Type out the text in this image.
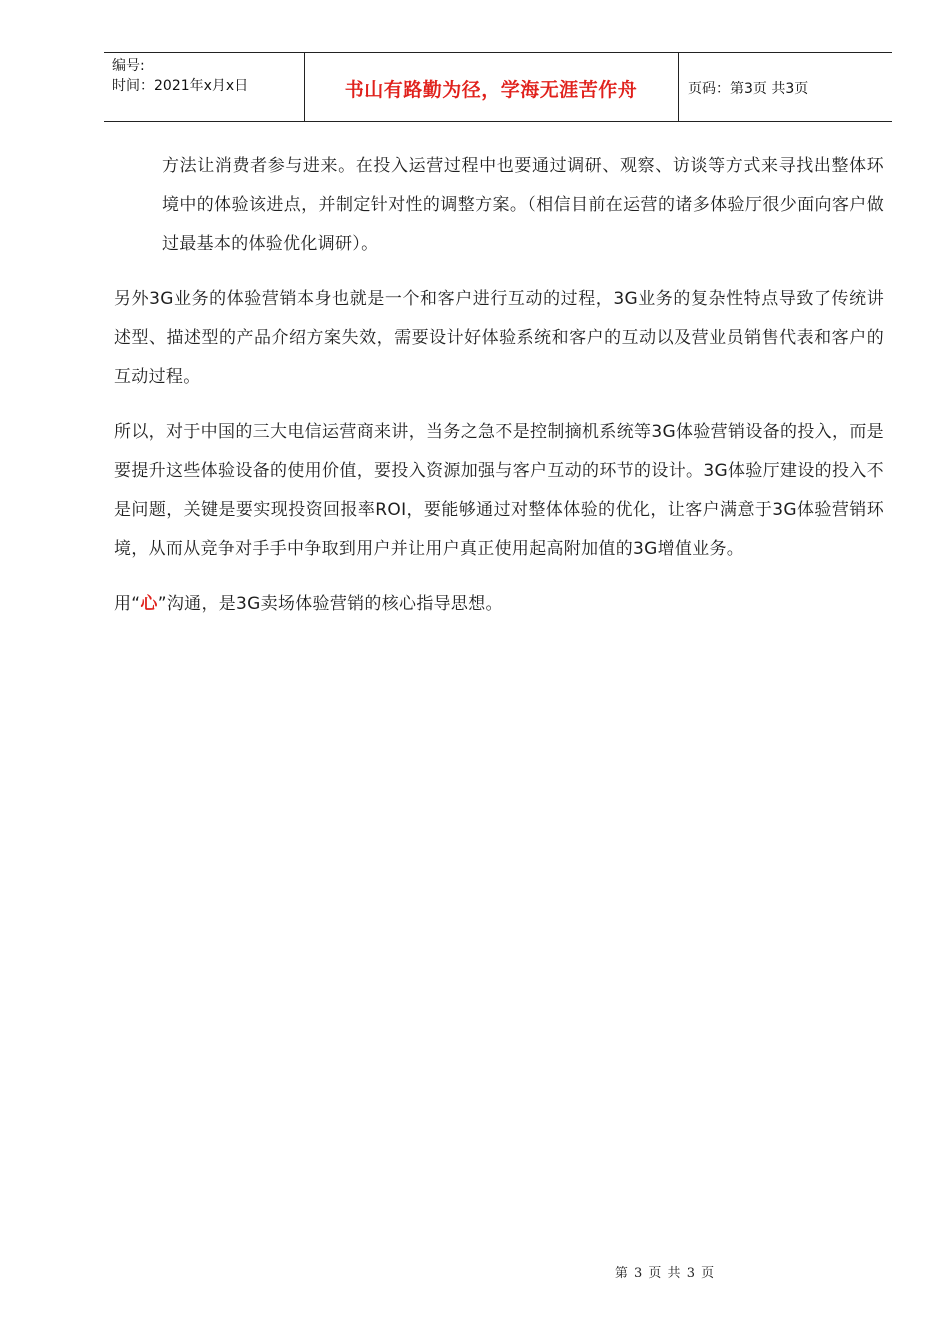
编号:
时间：2021年x月x日	书山有路勤为径，学海无涯苦作舟	页码：第3页 共3页

方法让消费者参与进来。在投入运营过程中也要通过调研、观察、访谈等方式来寻找出整体环境中的体验该进点，并制定针对性的调整方案。（相信目前在运营的诸多体验厅很少面向客户做过最基本的体验优化调研）。

另外3G业务的体验营销本身也就是一个和客户进行互动的过程，3G业务的复杂性特点导致了传统讲述型、描述型的产品介绍方案失效，需要设计好体验系统和客户的互动以及营业员销售代表和客户的互动过程。

所以，对于中国的三大电信运营商来讲，当务之急不是控制摘机系统等3G体验营销设备的投入，而是要提升这些体验设备的使用价值，要投入资源加强与客户互动的环节的设计。3G体验厅建设的投入不是问题，关键是要实现投资回报率ROI，要能够通过对整体体验的优化，让客户满意于3G体验营销环境，从而从竞争对手手中争取到用户并让用户真正使用起高附加值的3G增值业务。

用“心”沟通，是3G卖场体验营销的核心指导思想。

第 3 页 共 3 页
